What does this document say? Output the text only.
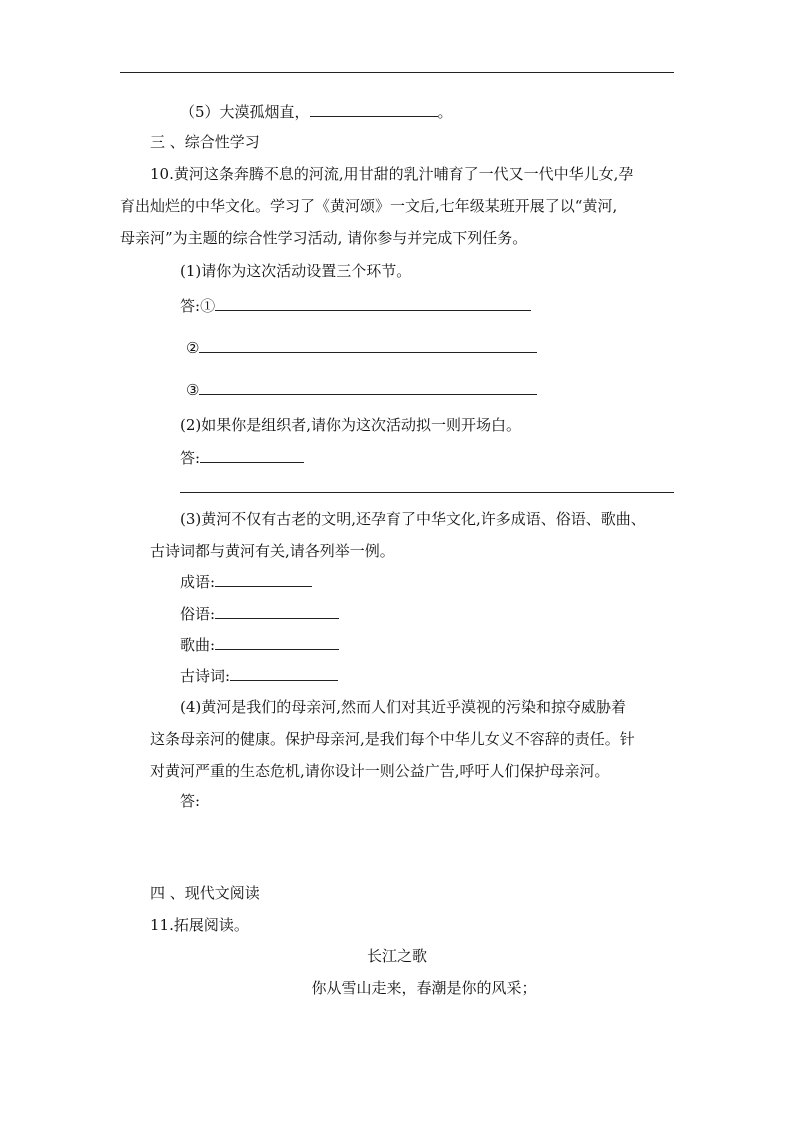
（5）大漠孤烟直，	。
三 、综合性学习
10.黄河这条奔腾不息的河流,用甘甜的乳汁哺育了一代又一代中华儿女,孕
育出灿烂的中华文化。学习了《黄河颂》一文后,七年级某班开展了以“黄河,
母亲河”为主题的综合性学习活动, 请你参与并完成下列任务。
(1)请你为这次活动设置三个环节。
答:①
②
③
(2)如果你是组织者,请你为这次活动拟一则开场白。
答:
(3)黄河不仅有古老的文明,还孕育了中华文化,许多成语、俗语、歌曲、
古诗词都与黄河有关,请各列举一例。
成语:
俗语:
歌曲:
古诗词:
(4)黄河是我们的母亲河,然而人们对其近乎漠视的污染和掠夺威胁着
这条母亲河的健康。保护母亲河,是我们每个中华儿女义不容辞的责任。针
对黄河严重的生态危机,请你设计一则公益广告,呼吁人们保护母亲河。
答:
四 、现代文阅读
11.拓展阅读。
长江之歌
你从雪山走来，春潮是你的风采；
